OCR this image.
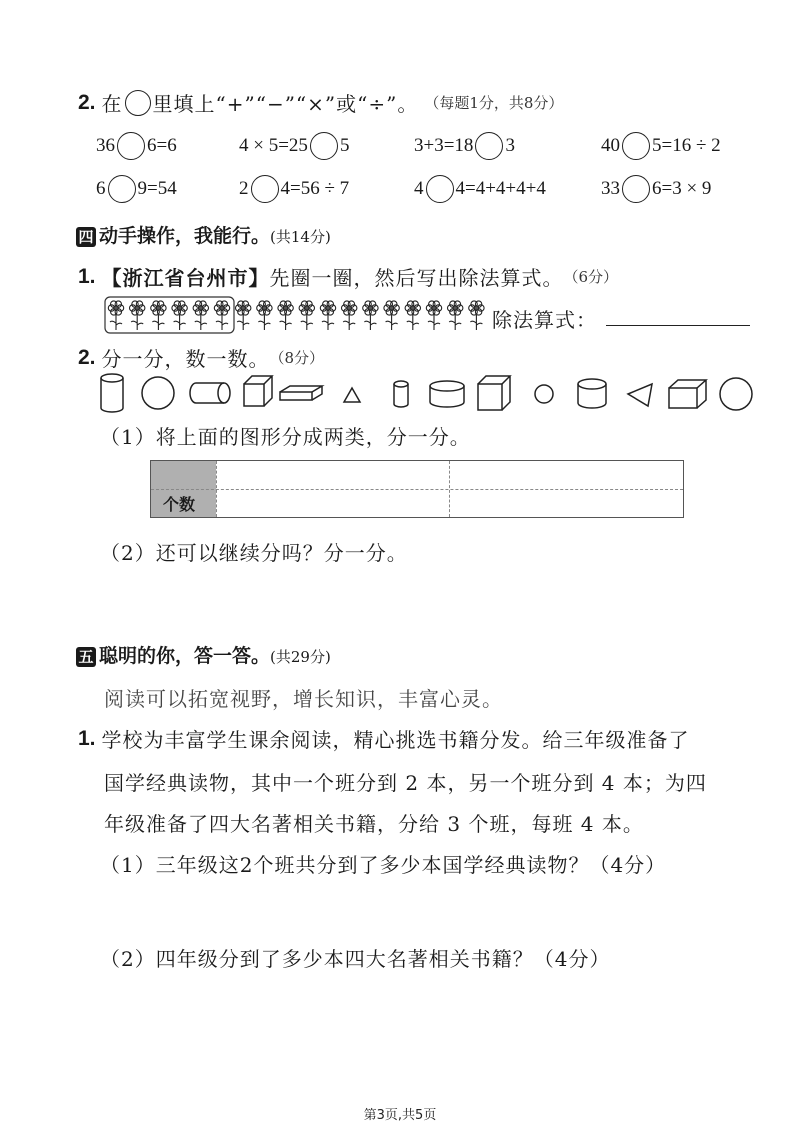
2. 在 里填上“+”“−”“×”或“÷”。 （每题1分，共8分）
36 6=6	4 × 5=25 5	3+3=18 3	40 5=16 ÷ 2
6 9=54	2 4=56 ÷ 7	4 4=4+4+4+4	33 6=3 × 9
四 动手操作，我能行。(共14分)
1. 【浙江省台州市】 先圈一圈，然后写出除法算式。 （6分）
除法算式：
2. 分一分，数一数。 （8分）
（1）将上面的图形分成两类，分一分。
个数
（2）还可以继续分吗？分一分。
五 聪明的你，答一答。(共29分)
阅读可以拓宽视野，增长知识，丰富心灵。
1. 学校为丰富学生课余阅读，精心挑选书籍分发。给三年级准备了
国学经典读物，其中一个班分到 2 本，另一个班分到 4 本；为四
年级准备了四大名著相关书籍，分给 3 个班，每班 4 本。
（1）三年级这2个班共分到了多少本国学经典读物？（4分）
（2）四年级分到了多少本四大名著相关书籍？（4分）
第3页,共5页
